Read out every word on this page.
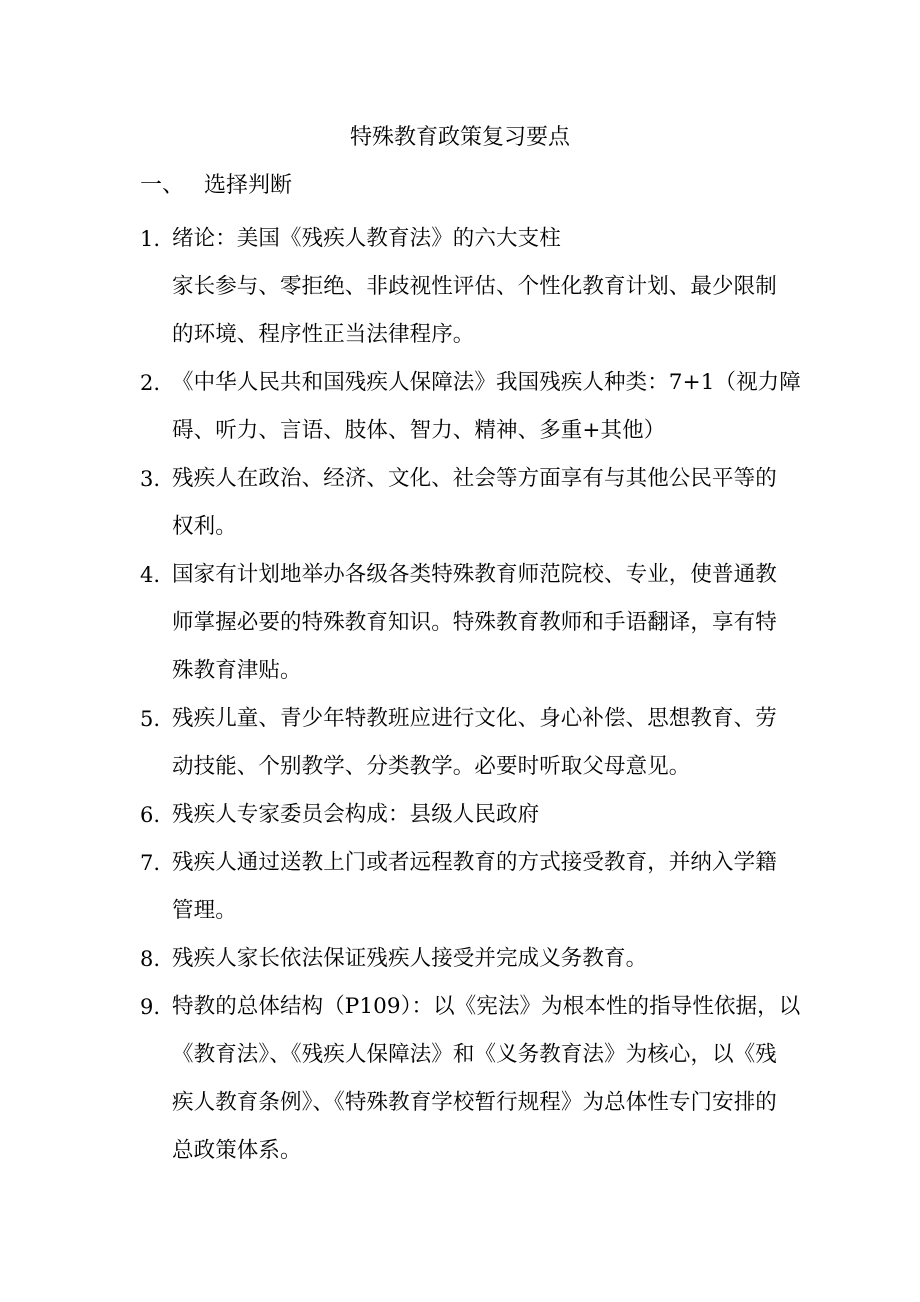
特殊教育政策复习要点
一、 选择判断
1. 绪论：美国《残疾人教育法》的六大支柱
家长参与、零拒绝、非歧视性评估、个性化教育计划、最少限制
的环境、程序性正当法律程序。
2. 《中华人民共和国残疾人保障法》我国残疾人种类：7+1（视力障
碍、听力、言语、肢体、智力、精神、多重+其他）
3. 残疾人在政治、经济、文化、社会等方面享有与其他公民平等的
权利。
4. 国家有计划地举办各级各类特殊教育师范院校、专业，使普通教
师掌握必要的特殊教育知识。特殊教育教师和手语翻译，享有特
殊教育津贴。
5. 残疾儿童、青少年特教班应进行文化、身心补偿、思想教育、劳
动技能、个别教学、分类教学。必要时听取父母意见。
6. 残疾人专家委员会构成：县级人民政府
7. 残疾人通过送教上门或者远程教育的方式接受教育，并纳入学籍
管理。
8. 残疾人家长依法保证残疾人接受并完成义务教育。
9. 特教的总体结构（P109）：以《宪法》为根本性的指导性依据，以
《教育法》、《残疾人保障法》和《义务教育法》为核心，以《残
疾人教育条例》、《特殊教育学校暂行规程》为总体性专门安排的
总政策体系。
